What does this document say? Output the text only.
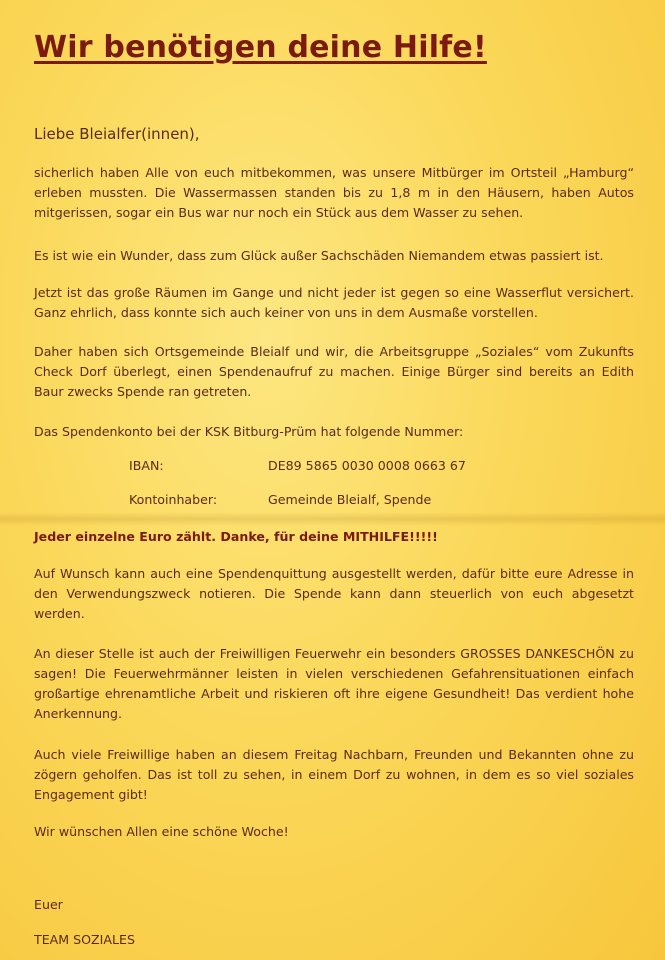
Wir benötigen deine Hilfe!

Liebe Bleialfer(innen),

sicherlich haben Alle von euch mitbekommen, was unsere Mitbürger im Ortsteil „Hamburg“ erleben mussten. Die Wassermassen standen bis zu 1,8 m in den Häusern, haben Autos mitgerissen, sogar ein Bus war nur noch ein Stück aus dem Wasser zu sehen.

Es ist wie ein Wunder, dass zum Glück außer Sachschäden Niemandem etwas passiert ist.

Jetzt ist das große Räumen im Gange und nicht jeder ist gegen so eine Wasserflut versichert. Ganz ehrlich, dass konnte sich auch keiner von uns in dem Ausmaße vorstellen.

Daher haben sich Ortsgemeinde Bleialf und wir, die Arbeitsgruppe „Soziales“ vom Zukunfts Check Dorf überlegt, einen Spendenaufruf zu machen. Einige Bürger sind bereits an Edith Baur zwecks Spende ran getreten.

Das Spendenkonto bei der KSK Bitburg-Prüm hat folgende Nummer:

IBAN:	DE89 5865 0030 0008 0663 67
Kontoinhaber:	Gemeinde Bleialf, Spende

Jeder einzelne Euro zählt. Danke, für deine MITHILFE!!!!!

Auf Wunsch kann auch eine Spendenquittung ausgestellt werden, dafür bitte eure Adresse in den Verwendungszweck notieren. Die Spende kann dann steuerlich von euch abgesetzt werden.

An dieser Stelle ist auch der Freiwilligen Feuerwehr ein besonders GROSSES DANKESCHÖN zu sagen! Die Feuerwehrmänner leisten in vielen verschiedenen Gefahrensituationen einfach großartige ehrenamtliche Arbeit und riskieren oft ihre eigene Gesundheit! Das verdient hohe Anerkennung.

Auch viele Freiwillige haben an diesem Freitag Nachbarn, Freunden und Bekannten ohne zu zögern geholfen. Das ist toll zu sehen, in einem Dorf zu wohnen, in dem es so viel soziales Engagement gibt!

Wir wünschen Allen eine schöne Woche!

Euer

TEAM SOZIALES
